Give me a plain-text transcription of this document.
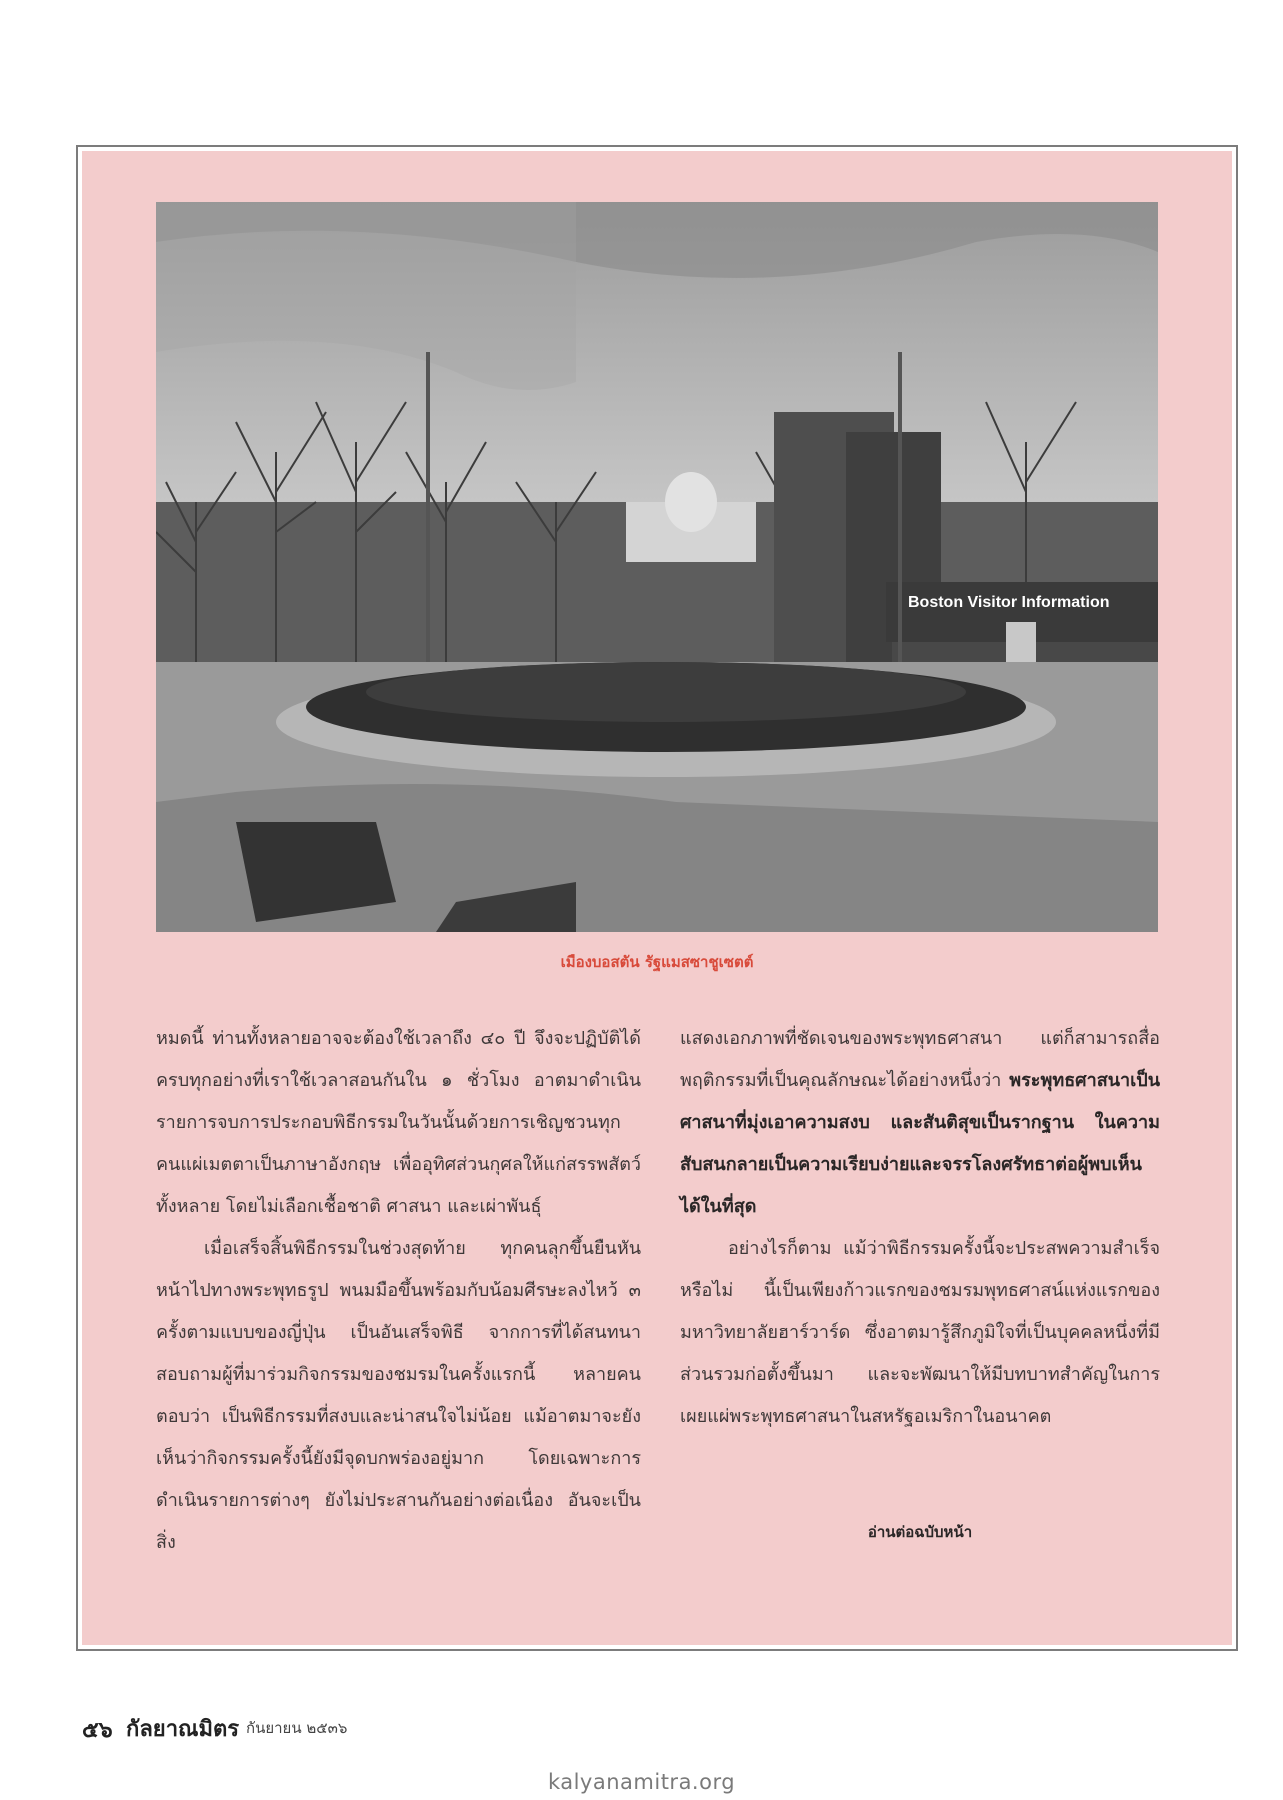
Boston Visitor Information
เมืองบอสตัน รัฐแมสซาชูเซตต์

หมดนี้ ท่านทั้งหลายอาจจะต้องใช้เวลาถึง ๔๐ ปี จึงจะปฏิบัติได้ครบทุกอย่างที่เราใช้เวลาสอนกันใน ๑ ชั่วโมง อาตมาดำเนินรายการจบการประกอบพิธีกรรมในวันนั้นด้วยการเชิญชวนทุกคนแผ่เมตตาเป็นภาษาอังกฤษ เพื่ออุทิศส่วนกุศลให้แก่สรรพสัตว์ทั้งหลาย โดยไม่เลือกเชื้อชาติ ศาสนา และเผ่าพันธุ์

เมื่อเสร็จสิ้นพิธีกรรมในช่วงสุดท้าย ทุกคนลุกขึ้นยืนหันหน้าไปทางพระพุทธรูป พนมมือขึ้นพร้อมกับน้อมศีรษะลงไหว้ ๓ ครั้งตามแบบของญี่ปุ่น เป็นอันเสร็จพิธี จากการที่ได้สนทนาสอบถามผู้ที่มาร่วมกิจกรรมของชมรมในครั้งแรกนี้ หลายคนตอบว่า เป็นพิธีกรรมที่สงบและน่าสนใจไม่น้อย แม้อาตมาจะยังเห็นว่ากิจกรรมครั้งนี้ยังมีจุดบกพร่องอยู่มาก โดยเฉพาะการดำเนินรายการต่างๆ ยังไม่ประสานกันอย่างต่อเนื่อง อันจะเป็นสิ่ง

แสดงเอกภาพที่ชัดเจนของพระพุทธศาสนา แต่ก็สามารถสื่อพฤติกรรมที่เป็นคุณลักษณะได้อย่างหนึ่งว่า พระพุทธศาสนาเป็นศาสนาที่มุ่งเอาความสงบ และสันติสุขเป็นรากฐาน ในความสับสนกลายเป็นความเรียบง่ายและจรรโลงศรัทธาต่อผู้พบเห็นได้ในที่สุด

อย่างไรก็ตาม แม้ว่าพิธีกรรมครั้งนี้จะประสพความสำเร็จหรือไม่ นี้เป็นเพียงก้าวแรกของชมรมพุทธศาสน์แห่งแรกของมหาวิทยาลัยฮาร์วาร์ด ซึ่งอาตมารู้สึกภูมิใจที่เป็นบุคคลหนึ่งที่มีส่วนรวมก่อตั้งขึ้นมา และจะพัฒนาให้มีบทบาทสำคัญในการเผยแผ่พระพุทธศาสนาในสหรัฐอเมริกาในอนาคต

อ่านต่อฉบับหน้า
๕๖ กัลยาณมิตร กันยายน ๒๕๓๖
kalyanamitra.org
